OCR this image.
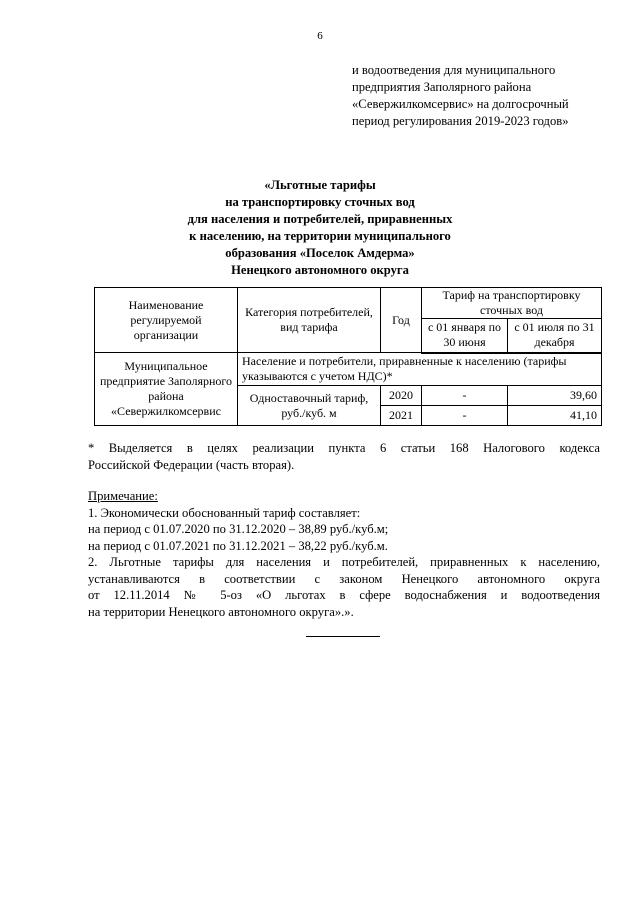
6
и водоотведения для муниципального
предприятия Заполярного района
«Севержилкомсервис» на долгосрочный
период регулирования 2019-2023 годов»
«Льготные тарифы
на транспортировку сточных вод
для населения и потребителей, приравненных
к населению, на территории муниципального
образования «Поселок Амдерма»
Ненецкого автономного округа
Наименование регулируемой организации	Категория потребителей, вид тарифа	Год	Тариф на транспортировку сточных вод	
			с 01 января по 30 июня	с 01 июля по 31 декабря
Муниципальное предприятие Заполярного района «Севержилкомсервис	Население и потребители, приравненные к населению (тарифы указываются с учетом НДС)*			
	Одноставочный тариф, руб./куб. м	2020	-	39,60
		2021	-	41,10
* Выделяется в целях реализации пункта 6 статьи 168 Налогового кодекса
Российской Федерации (часть вторая).
Примечание:
1. Экономически обоснованный тариф составляет:
на период с 01.07.2020 по 31.12.2020 – 38,89 руб./куб.м;
на период с 01.07.2021 по 31.12.2021 – 38,22 руб./куб.м.
2. Льготные тарифы для населения и потребителей, приравненных к населению,
устанавливаются в соответствии с законом Ненецкого автономного округа
от 12.11.2014 № 5-оз «О льготах в сфере водоснабжения и водоотведения
на территории Ненецкого автономного округа».».
